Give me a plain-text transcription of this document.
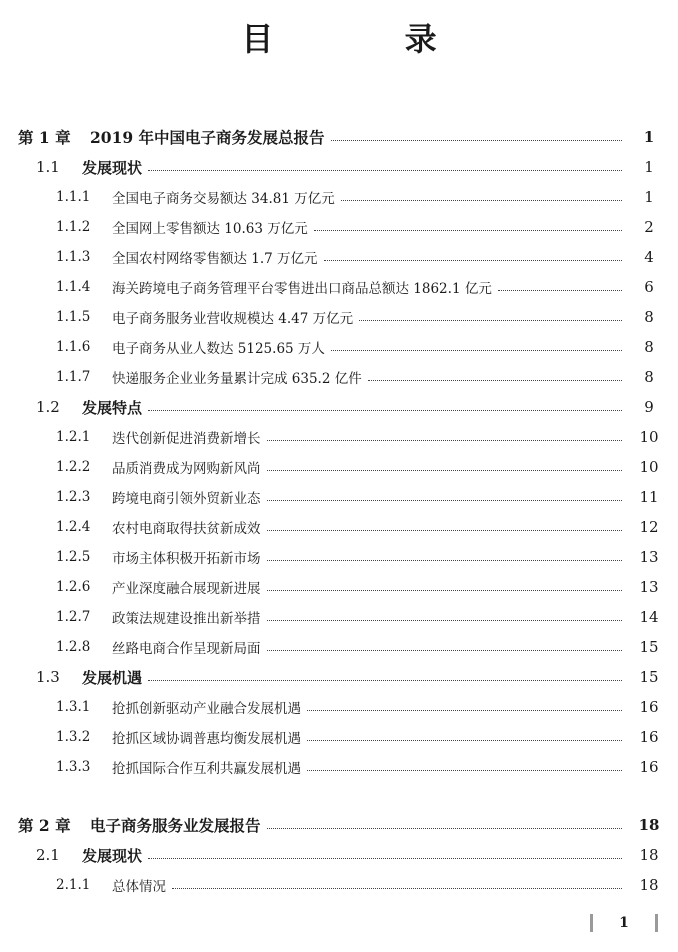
目 录
第 1 章	2019 年中国电子商务发展总报告	1
1.1	发展现状	1
1.1.1	全国电子商务交易额达 34.81 万亿元	1
1.1.2	全国网上零售额达 10.63 万亿元	2
1.1.3	全国农村网络零售额达 1.7 万亿元	4
1.1.4	海关跨境电子商务管理平台零售进出口商品总额达 1862.1 亿元	6
1.1.5	电子商务服务业营收规模达 4.47 万亿元	8
1.1.6	电子商务从业人数达 5125.65 万人	8
1.1.7	快递服务企业业务量累计完成 635.2 亿件	8
1.2	发展特点	9
1.2.1	迭代创新促进消费新增长	10
1.2.2	品质消费成为网购新风尚	10
1.2.3	跨境电商引领外贸新业态	11
1.2.4	农村电商取得扶贫新成效	12
1.2.5	市场主体积极开拓新市场	13
1.2.6	产业深度融合展现新进展	13
1.2.7	政策法规建设推出新举措	14
1.2.8	丝路电商合作呈现新局面	15
1.3	发展机遇	15
1.3.1	抢抓创新驱动产业融合发展机遇	16
1.3.2	抢抓区域协调普惠均衡发展机遇	16
1.3.3	抢抓国际合作互利共赢发展机遇	16
第 2 章	电子商务服务业发展报告	18
2.1	发展现状	18
2.1.1	总体情况	18
1
